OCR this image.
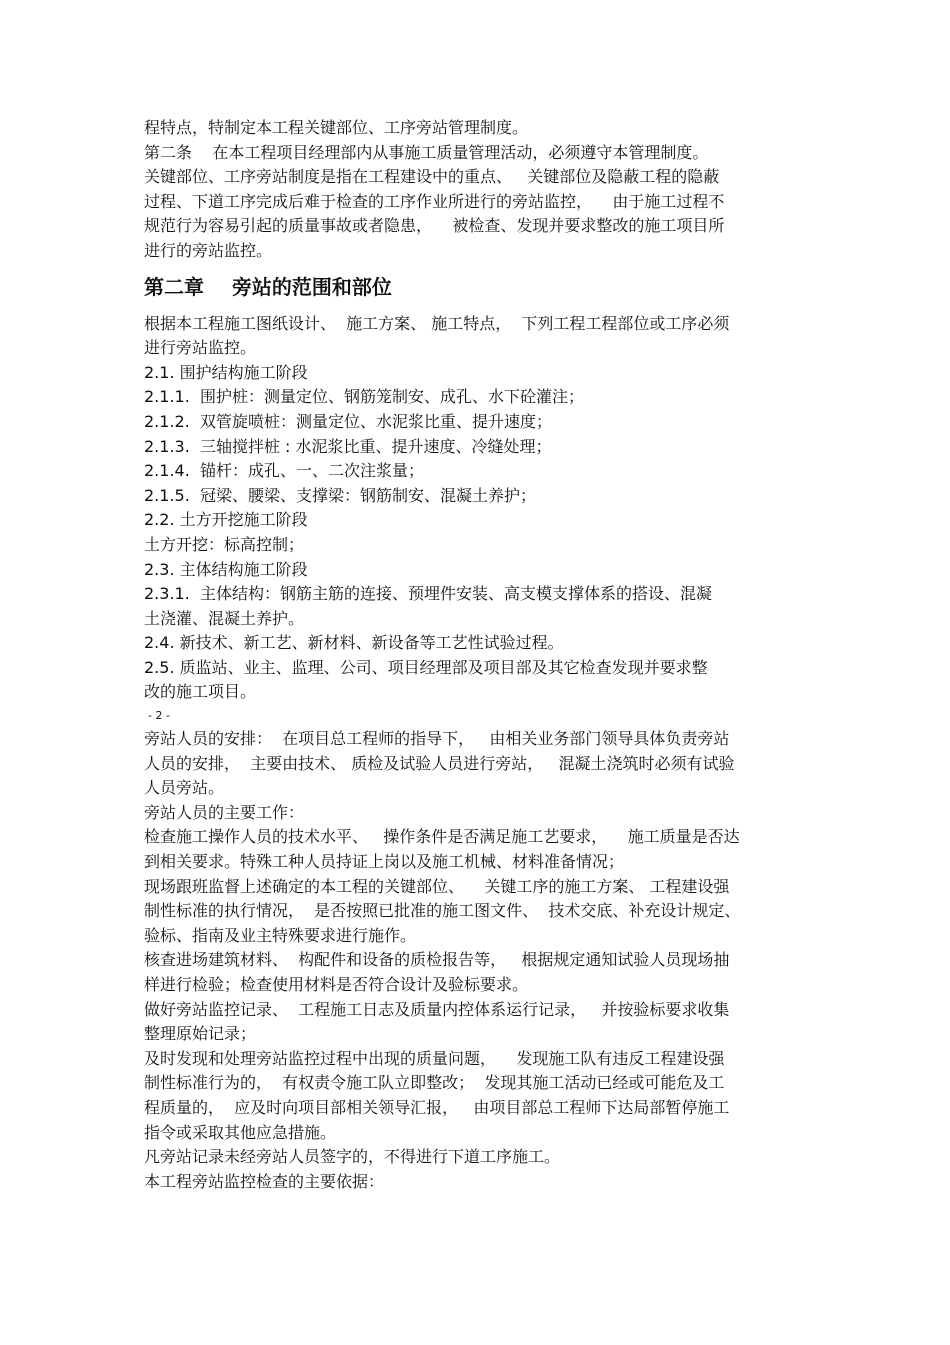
程特点，特制定本工程关键部位、工序旁站管理制度。

第二条    在本工程项目经理部内从事施工质量管理活动，必须遵守本管理制度。

关键部位、工序旁站制度是指在工程建设中的重点、   关键部位及隐蔽工程的隐蔽

过程、下道工序完成后难于检查的工序作业所进行的旁站监控，    由于施工过程不

规范行为容易引起的质量事故或者隐患，    被检查、发现并要求整改的施工项目所

进行的旁站监控。

第二章    旁站的范围和部位

根据本工程施工图纸设计、  施工方案、 施工特点，  下列工程工程部位或工序必须

进行旁站监控。

2.1. 围护结构施工阶段

2.1.1.  围护桩：测量定位、钢筋笼制安、成孔、水下砼灌注；

2.1.2.  双管旋喷桩：测量定位、水泥浆比重、提升速度；

2.1.3.  三轴搅拌桩 : 水泥浆比重、提升速度、冷缝处理；

2.1.4.  锚杆：成孔、一、二次注浆量；

2.1.5.  冠梁、腰梁、支撑梁：钢筋制安、混凝土养护；

2.2. 土方开挖施工阶段

土方开挖：标高控制；

2.3. 主体结构施工阶段

2.3.1.  主体结构：钢筋主筋的连接、预埋件安装、高支模支撑体系的搭设、混凝

土浇灌、混凝土养护。

2.4. 新技术、新工艺、新材料、新设备等工艺性试验过程。

2.5. 质监站、业主、监理、公司、项目经理部及项目部及其它检查发现并要求整

改的施工项目。

- 2 -

旁站人员的安排：  在项目总工程师的指导下，   由相关业务部门领导具体负责旁站

人员的安排，  主要由技术、 质检及试验人员进行旁站，   混凝土浇筑时必须有试验

人员旁站。

旁站人员的主要工作：

检查施工操作人员的技术水平、   操作条件是否满足施工艺要求，    施工质量是否达

到相关要求。特殊工种人员持证上岗以及施工机械、材料准备情况；

现场跟班监督上述确定的本工程的关键部位、    关键工序的施工方案、 工程建设强

制性标准的执行情况，  是否按照已批准的施工图文件、  技术交底、补充设计规定、

验标、指南及业主特殊要求进行施作。

核查进场建筑材料、  构配件和设备的质检报告等，   根据规定通知试验人员现场抽

样进行检验；检查使用材料是否符合设计及验标要求。

做好旁站监控记录、  工程施工日志及质量内控体系运行记录，   并按验标要求收集

整理原始记录；

及时发现和处理旁站监控过程中出现的质量问题，    发现施工队有违反工程建设强

制性标准行为的，  有权责令施工队立即整改；  发现其施工活动已经或可能危及工

程质量的，  应及时向项目部相关领导汇报，   由项目部总工程师下达局部暂停施工

指令或采取其他应急措施。

凡旁站记录未经旁站人员签字的，不得进行下道工序施工。

本工程旁站监控检查的主要依据：
